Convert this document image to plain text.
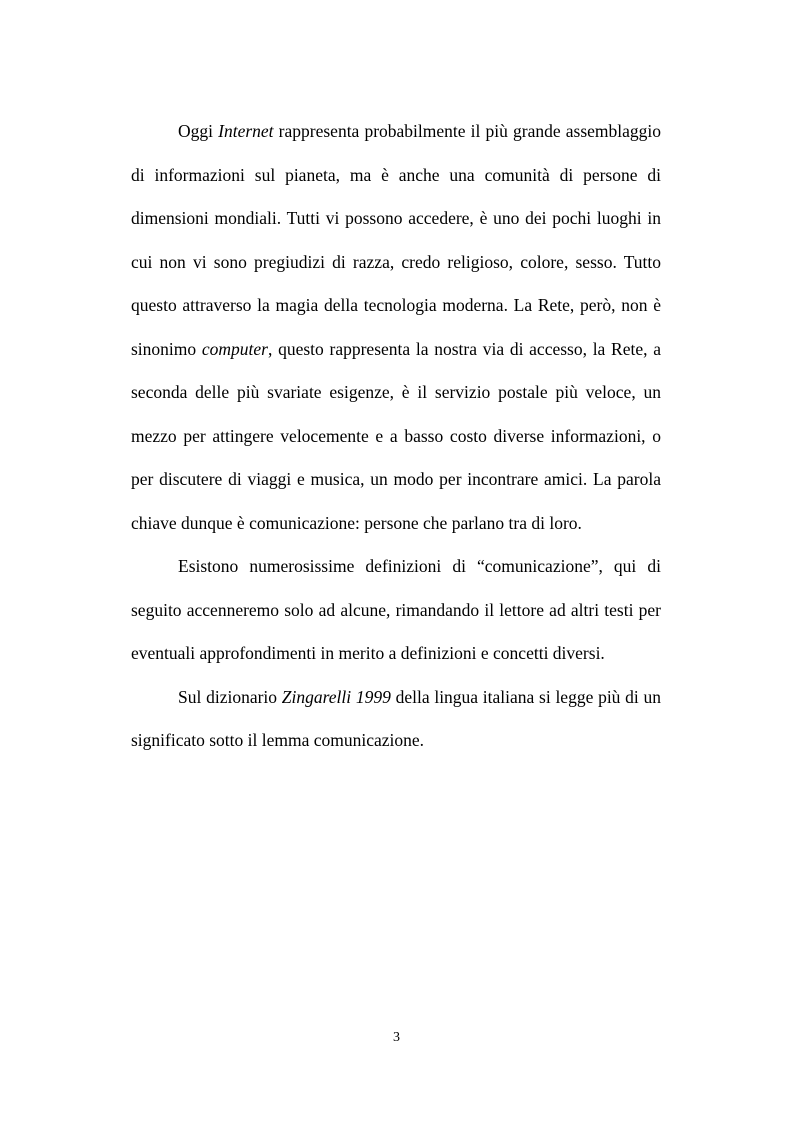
Oggi Internet rappresenta probabilmente il più grande assemblaggio di informazioni sul pianeta, ma è anche una comunità di persone di dimensioni mondiali. Tutti vi possono accedere, è uno dei pochi luoghi in cui non vi sono pregiudizi di razza, credo religioso, colore, sesso. Tutto questo attraverso la magia della tecnologia moderna. La Rete, però, non è sinonimo computer, questo rappresenta la nostra via di accesso, la Rete, a seconda delle più svariate esigenze, è il servizio postale più veloce, un mezzo per attingere velocemente e a basso costo diverse informazioni, o per discutere di viaggi e musica, un modo per incontrare amici. La parola chiave dunque è comunicazione: persone che parlano tra di loro.

Esistono numerosissime definizioni di “comunicazione”, qui di seguito accenneremo solo ad alcune, rimandando il lettore ad altri testi per eventuali approfondimenti in merito a definizioni e concetti diversi.

Sul dizionario Zingarelli 1999 della lingua italiana si legge più di un significato sotto il lemma comunicazione.

3
